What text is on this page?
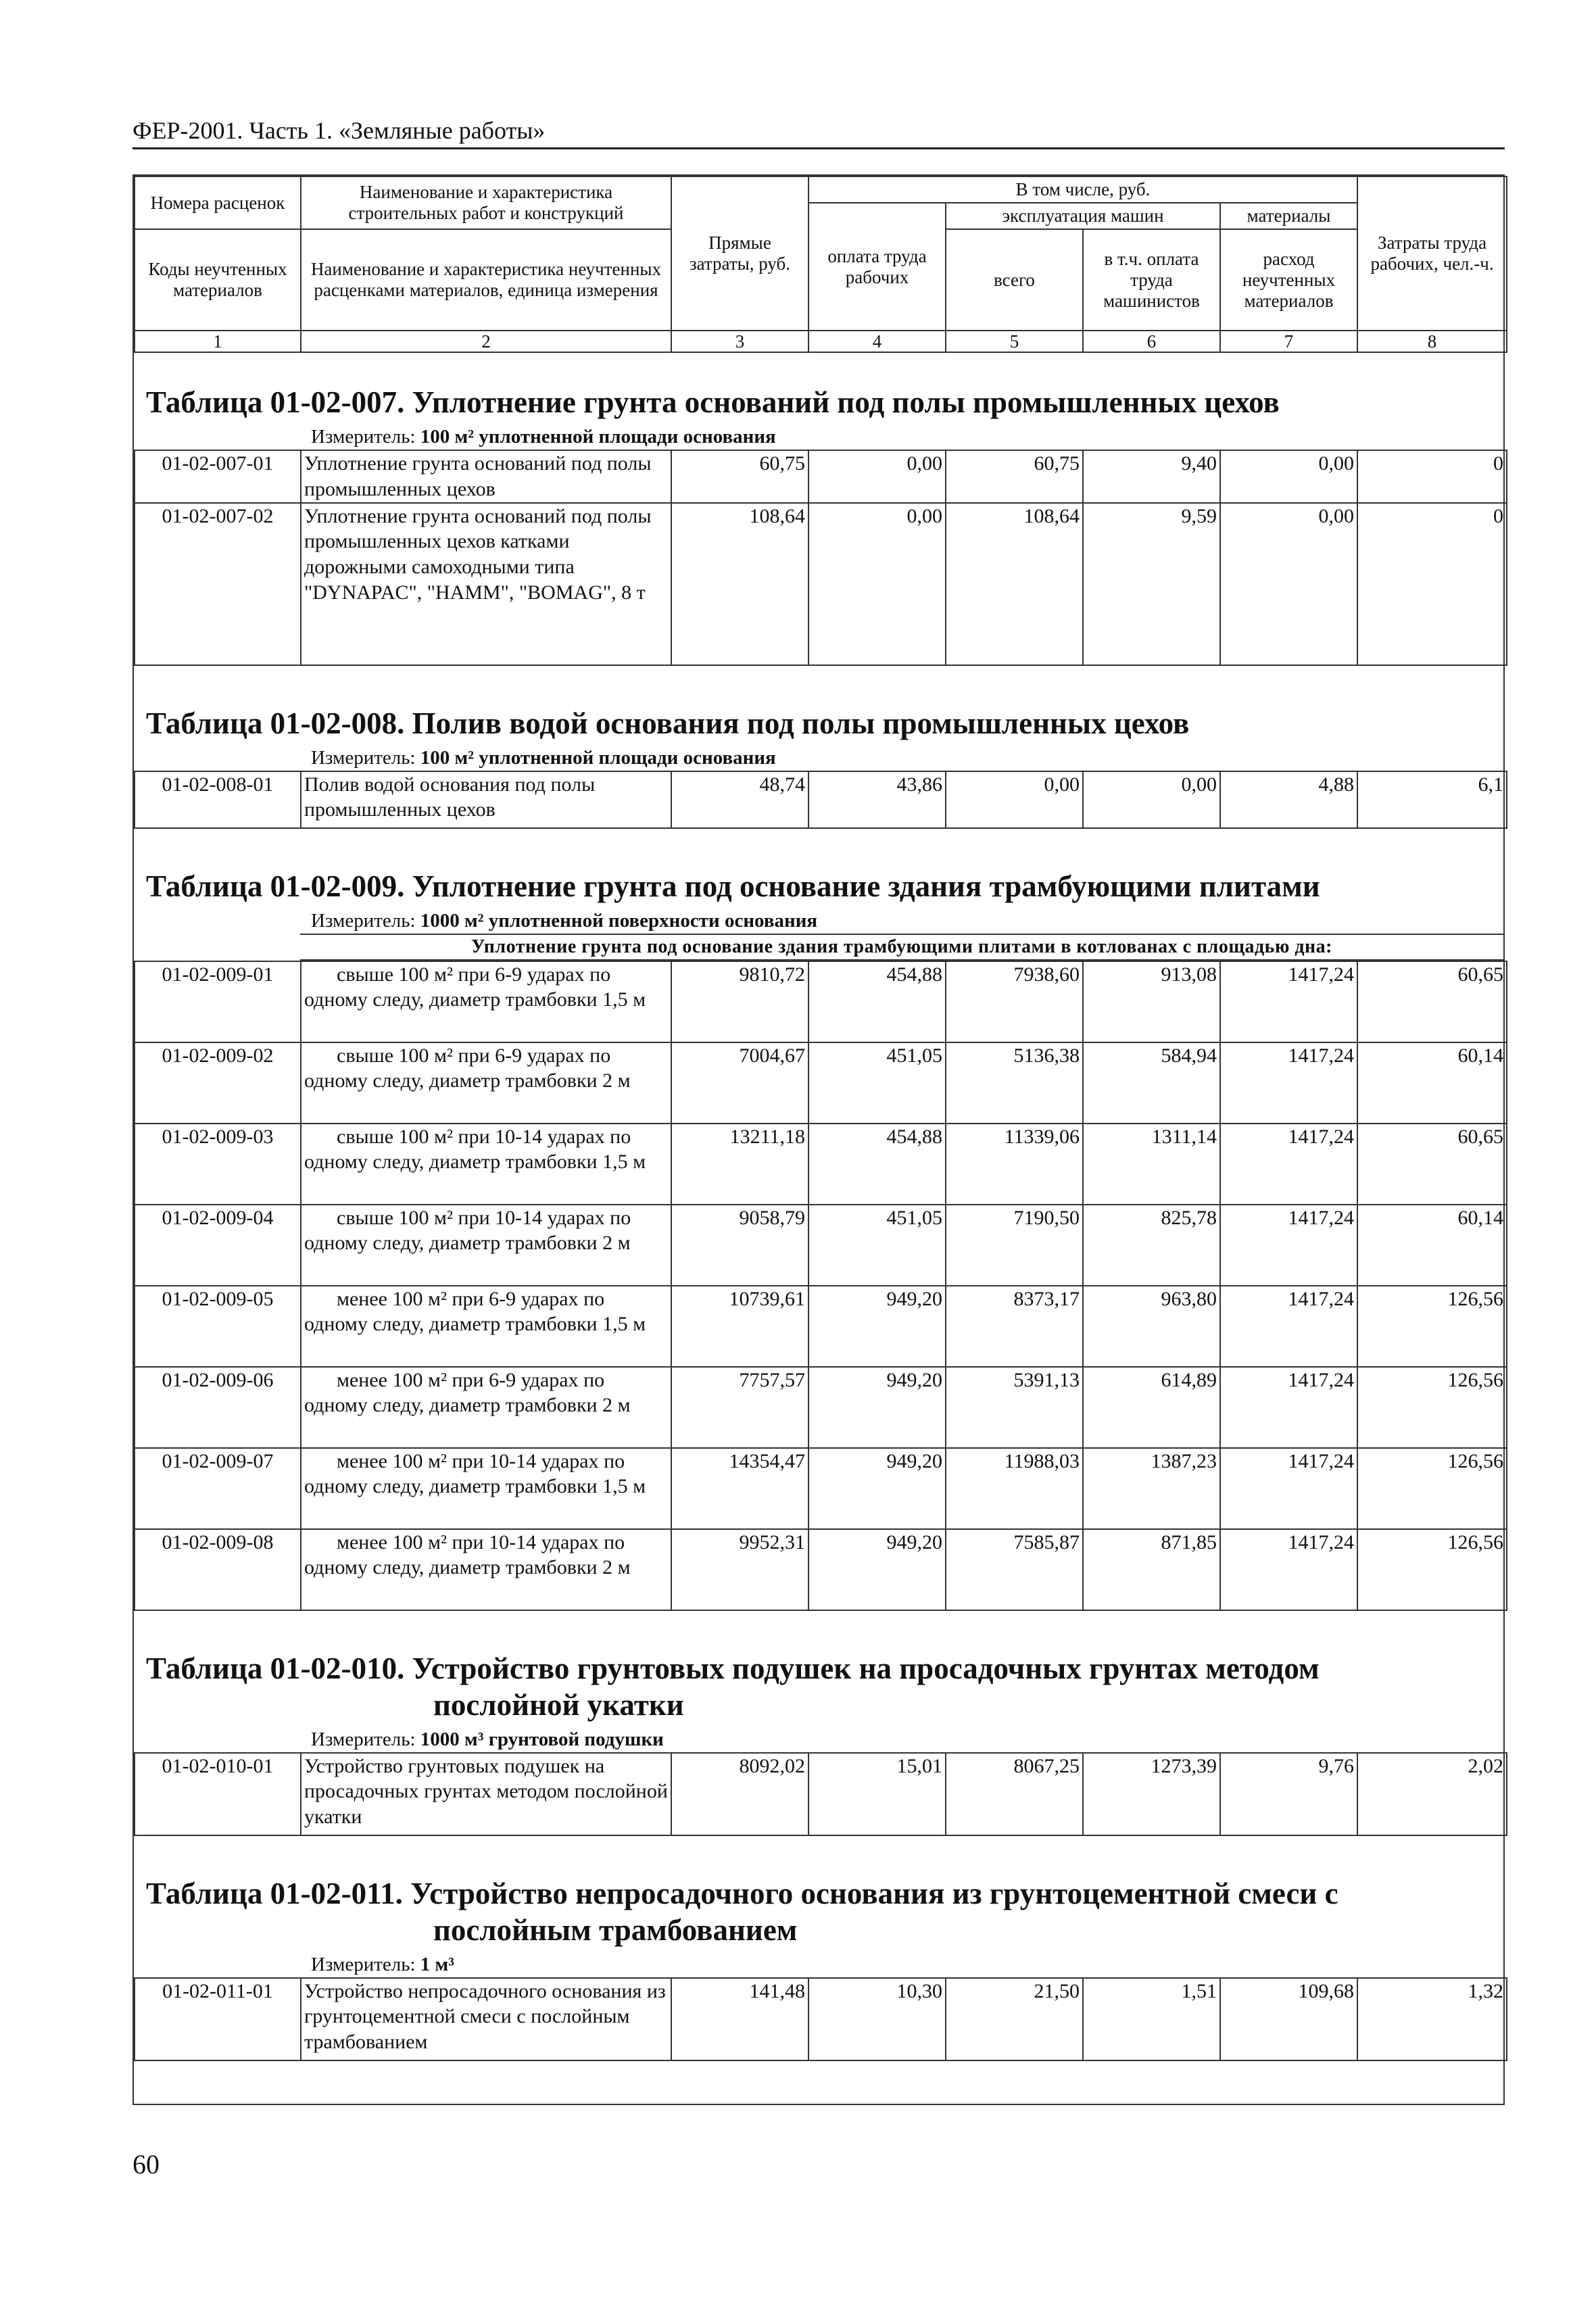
ФЕР-2001. Часть 1. «Земляные работы»
Номера расценок	Наименование и характеристика строительных работ и конструкций	Прямые затраты, руб.	В том числе, руб.				Затраты труда рабочих, чел.-ч.
			оплата труда рабочих	эксплуатация машин		материалы	
Коды неучтенных материалов	Наименование и характеристика неучтенных расценками материалов, единица измерения			всего	в т.ч. оплата труда машинистов	расход неучтенных материалов	
1	2	3	4	5	6	7	8
Таблица 01-02-007. Уплотнение грунта оснований под полы промышленных цехов
Измеритель: 100 м² уплотненной площади основания
01-02-007-01	Уплотнение грунта оснований под полы промышленных цехов	60,75	0,00	60,75	9,40	0,00	0
01-02-007-02	Уплотнение грунта оснований под полы промышленных цехов катками дорожными самоходными типа "DYNAPAC", "HAMM", "BOMAG", 8 т	108,64	0,00	108,64	9,59	0,00	0
Таблица 01-02-008. Полив водой основания под полы промышленных цехов
Измеритель: 100 м² уплотненной площади основания
01-02-008-01	Полив водой основания под полы промышленных цехов	48,74	43,86	0,00	0,00	4,88	6,1
Таблица 01-02-009. Уплотнение грунта под основание здания трамбующими плитами
Измеритель: 1000 м² уплотненной поверхности основания
Уплотнение грунта под основание здания трамбующими плитами в котлованах с площадью дна:
01-02-009-01	свыше 100 м² при 6-9 ударах по одному следу, диаметр трамбовки 1,5 м	9810,72	454,88	7938,60	913,08	1417,24	60,65
01-02-009-02	свыше 100 м² при 6-9 ударах по одному следу, диаметр трамбовки 2 м	7004,67	451,05	5136,38	584,94	1417,24	60,14
01-02-009-03	свыше 100 м² при 10-14 ударах по одному следу, диаметр трамбовки 1,5 м	13211,18	454,88	11339,06	1311,14	1417,24	60,65
01-02-009-04	свыше 100 м² при 10-14 ударах по одному следу, диаметр трамбовки 2 м	9058,79	451,05	7190,50	825,78	1417,24	60,14
01-02-009-05	менее 100 м² при 6-9 ударах по одному следу, диаметр трамбовки 1,5 м	10739,61	949,20	8373,17	963,80	1417,24	126,56
01-02-009-06	менее 100 м² при 6-9 ударах по одному следу, диаметр трамбовки 2 м	7757,57	949,20	5391,13	614,89	1417,24	126,56
01-02-009-07	менее 100 м² при 10-14 ударах по одному следу, диаметр трамбовки 1,5 м	14354,47	949,20	11988,03	1387,23	1417,24	126,56
01-02-009-08	менее 100 м² при 10-14 ударах по одному следу, диаметр трамбовки 2 м	9952,31	949,20	7585,87	871,85	1417,24	126,56
Таблица 01-02-010. Устройство грунтовых подушек на просадочных грунтах методом
послойной укатки
Измеритель: 1000 м³ грунтовой подушки
01-02-010-01	Устройство грунтовых подушек на просадочных грунтах методом послойной укатки	8092,02	15,01	8067,25	1273,39	9,76	2,02
Таблица 01-02-011. Устройство непросадочного основания из грунтоцементной смеси с
послойным трамбованием
Измеритель: 1 м³
01-02-011-01	Устройство непросадочного основания из грунтоцементной смеси с послойным трамбованием	141,48	10,30	21,50	1,51	109,68	1,32
60
